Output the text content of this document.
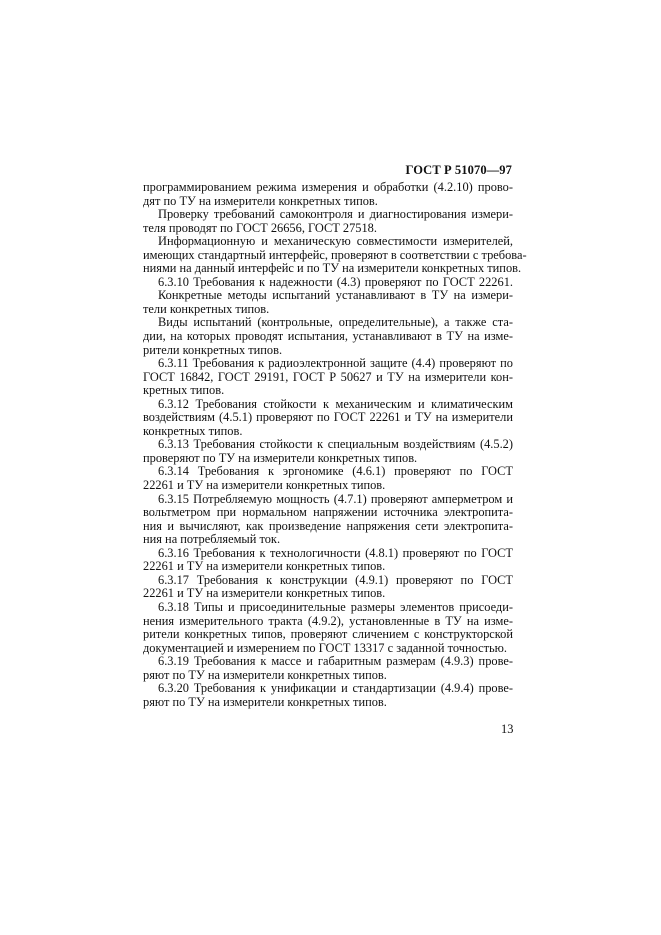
ГОСТ Р 51070—97
программированием режима измерения и обработки (4.2.10) прово-
дят по ТУ на измерители конкретных типов.
Проверку требований самоконтроля и диагностирования измери-
теля проводят по ГОСТ 26656, ГОСТ 27518.
Информационную и механическую совместимости измерителей,
имеющих стандартный интерфейс, проверяют в соответствии с требова-
ниями на данный интерфейс и по ТУ на измерители конкретных типов.
6.3.10 Требования к надежности (4.3) проверяют по ГОСТ 22261.
Конкретные методы испытаний устанавливают в ТУ на измери-
тели конкретных типов.
Виды испытаний (контрольные, определительные), а также ста-
дии, на которых проводят испытания, устанавливают в ТУ на изме-
рители конкретных типов.
6.3.11 Требования к радиоэлектронной защите (4.4) проверяют по
ГОСТ 16842, ГОСТ 29191, ГОСТ Р 50627 и ТУ на измерители кон-
кретных типов.
6.3.12 Требования стойкости к механическим и климатическим
воздействиям (4.5.1) проверяют по ГОСТ 22261 и ТУ на измерители
конкретных типов.
6.3.13 Требования стойкости к специальным воздействиям (4.5.2)
проверяют по ТУ на измерители конкретных типов.
6.3.14 Требования к эргономике (4.6.1) проверяют по ГОСТ
22261 и ТУ на измерители конкретных типов.
6.3.15 Потребляемую мощность (4.7.1) проверяют амперметром и
вольтметром при нормальном напряжении источника электропита-
ния и вычисляют, как произведение напряжения сети электропита-
ния на потребляемый ток.
6.3.16 Требования к технологичности (4.8.1) проверяют по ГОСТ
22261 и ТУ на измерители конкретных типов.
6.3.17 Требования к конструкции (4.9.1) проверяют по ГОСТ
22261 и ТУ на измерители конкретных типов.
6.3.18 Типы и присоединительные размеры элементов присоеди-
нения измерительного тракта (4.9.2), установленные в ТУ на изме-
рители конкретных типов, проверяют сличением с конструкторской
документацией и измерением по ГОСТ 13317 с заданной точностью.
6.3.19 Требования к массе и габаритным размерам (4.9.3) прове-
ряют по ТУ на измерители конкретных типов.
6.3.20 Требования к унификации и стандартизации (4.9.4) прове-
ряют по ТУ на измерители конкретных типов.
13
